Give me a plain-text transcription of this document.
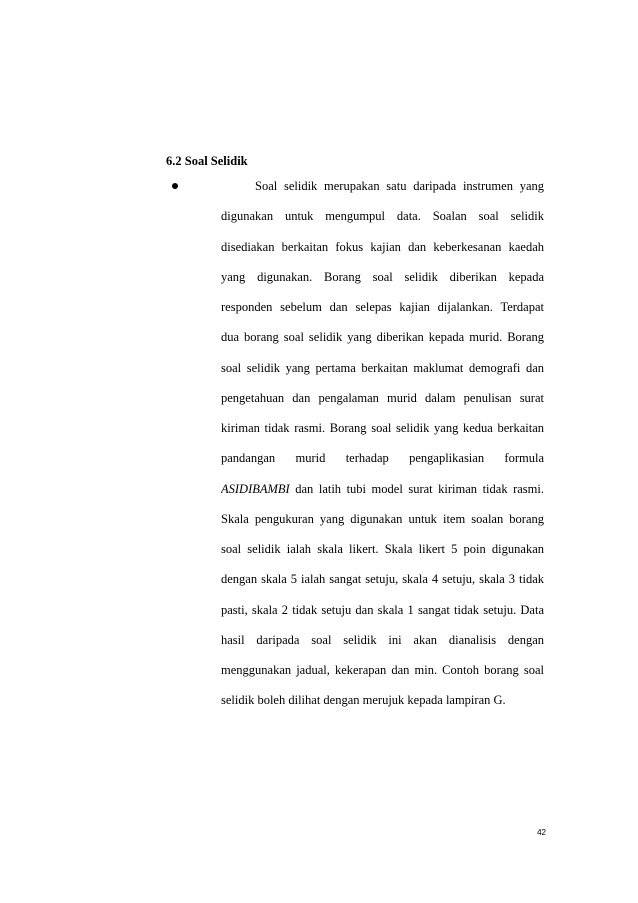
6.2 Soal Selidik
Soal selidik merupakan satu daripada instrumen yang
digunakan untuk mengumpul data. Soalan soal selidik
disediakan berkaitan fokus kajian dan keberkesanan kaedah
yang digunakan. Borang soal selidik diberikan kepada
responden sebelum dan selepas kajian dijalankan. Terdapat
dua borang soal selidik yang diberikan kepada murid. Borang
soal selidik yang pertama berkaitan maklumat demografi dan
pengetahuan dan pengalaman murid dalam penulisan surat
kiriman tidak rasmi. Borang soal selidik yang kedua berkaitan
pandangan murid terhadap pengaplikasian formula
ASIDIBAMBI dan latih tubi model surat kiriman tidak rasmi.
Skala pengukuran yang digunakan untuk item soalan borang
soal selidik ialah skala likert. Skala likert 5 poin digunakan
dengan skala 5 ialah sangat setuju, skala 4 setuju, skala 3 tidak
pasti, skala 2 tidak setuju dan skala 1 sangat tidak setuju. Data
hasil daripada soal selidik ini akan dianalisis dengan
menggunakan jadual, kekerapan dan min. Contoh borang soal
selidik boleh dilihat dengan merujuk kepada lampiran G.
42
